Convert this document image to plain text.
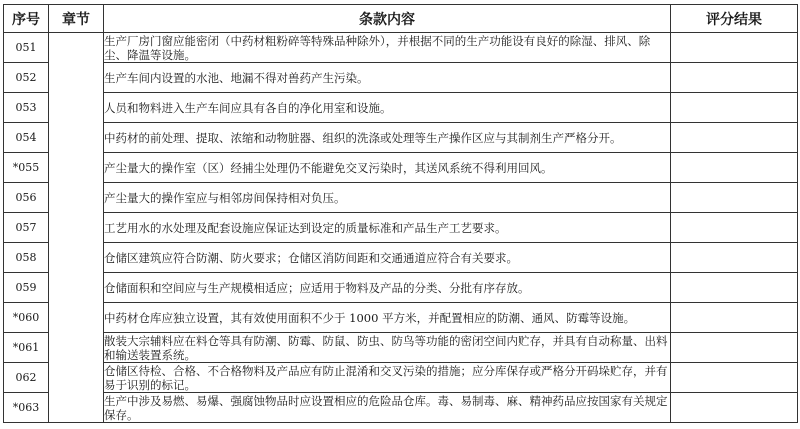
序号	章节	条款内容	评分结果
051		生产厂房门窗应能密闭（中药材粗粉碎等特殊品种除外），并根据不同的生产功能设有良好的除湿、排风、除尘、降温等设施。	
052		生产车间内设置的水池、地漏不得对兽药产生污染。	
053		人员和物料进入生产车间应具有各自的净化用室和设施。	
054		中药材的前处理、提取、浓缩和动物脏器、组织的洗涤或处理等生产操作区应与其制剂生产严格分开。	
*055		产尘量大的操作室（区）经捕尘处理仍不能避免交叉污染时，其送风系统不得利用回风。	
056		产尘量大的操作室应与相邻房间保持相对负压。	
057		工艺用水的水处理及配套设施应保证达到设定的质量标准和产品生产工艺要求。	
058		仓储区建筑应符合防潮、防火要求；仓储区消防间距和交通通道应符合有关要求。	
059		仓储面积和空间应与生产规模相适应；应适用于物料及产品的分类、分批有序存放。	
*060		中药材仓库应独立设置，其有效使用面积不少于 1000 平方米，并配置相应的防潮、通风、防霉等设施。	
*061		散装大宗辅料应在料仓等具有防潮、防霉、防鼠、防虫、防鸟等功能的密闭空间内贮存，并具有自动称量、出料和输送装置系统。	
062		仓储区待检、合格、不合格物料及产品应有防止混淆和交叉污染的措施；应分库保存或严格分开码垛贮存，并有易于识别的标记。	
*063		生产中涉及易燃、易爆、强腐蚀物品时应设置相应的危险品仓库。毒、易制毒、麻、精神药品应按国家有关规定保存。	
